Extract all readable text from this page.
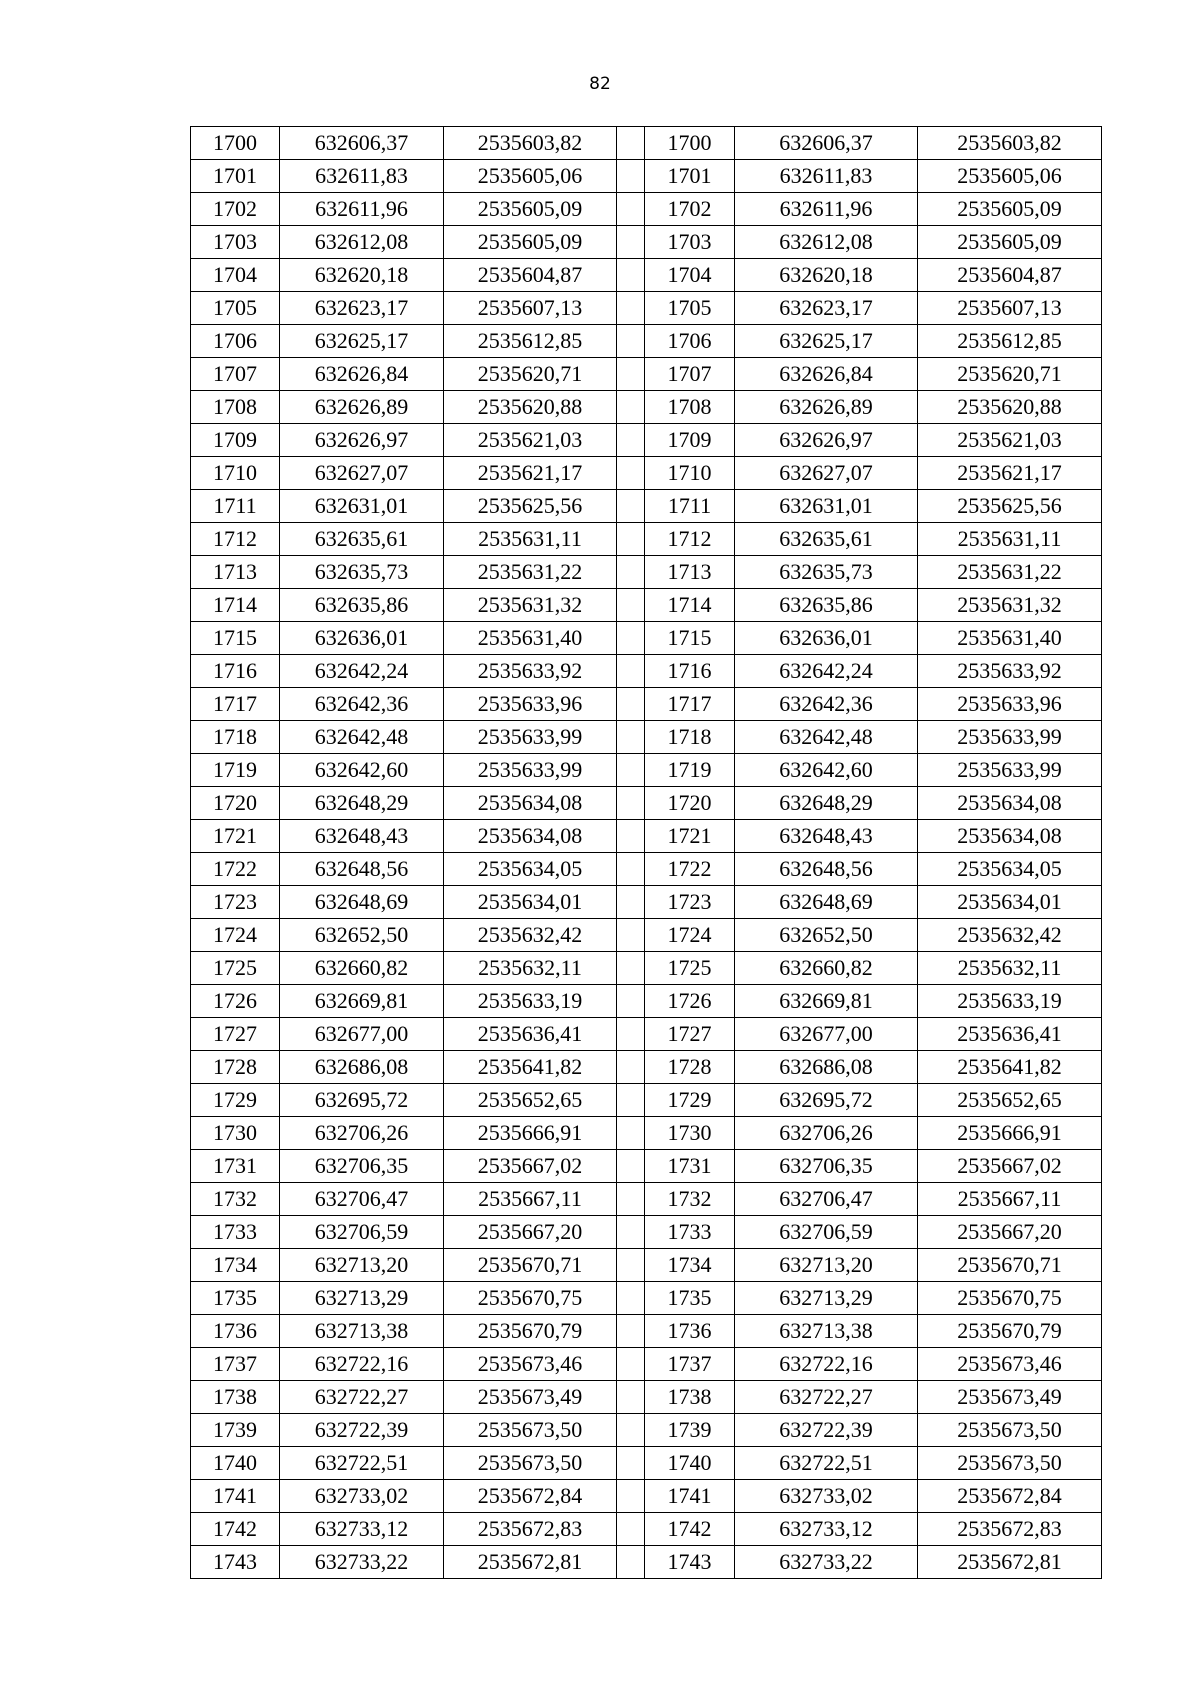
82
1700	632606,37	2535603,82		1700	632606,37	2535603,82
1701	632611,83	2535605,06		1701	632611,83	2535605,06
1702	632611,96	2535605,09		1702	632611,96	2535605,09
1703	632612,08	2535605,09		1703	632612,08	2535605,09
1704	632620,18	2535604,87		1704	632620,18	2535604,87
1705	632623,17	2535607,13		1705	632623,17	2535607,13
1706	632625,17	2535612,85		1706	632625,17	2535612,85
1707	632626,84	2535620,71		1707	632626,84	2535620,71
1708	632626,89	2535620,88		1708	632626,89	2535620,88
1709	632626,97	2535621,03		1709	632626,97	2535621,03
1710	632627,07	2535621,17		1710	632627,07	2535621,17
1711	632631,01	2535625,56		1711	632631,01	2535625,56
1712	632635,61	2535631,11		1712	632635,61	2535631,11
1713	632635,73	2535631,22		1713	632635,73	2535631,22
1714	632635,86	2535631,32		1714	632635,86	2535631,32
1715	632636,01	2535631,40		1715	632636,01	2535631,40
1716	632642,24	2535633,92		1716	632642,24	2535633,92
1717	632642,36	2535633,96		1717	632642,36	2535633,96
1718	632642,48	2535633,99		1718	632642,48	2535633,99
1719	632642,60	2535633,99		1719	632642,60	2535633,99
1720	632648,29	2535634,08		1720	632648,29	2535634,08
1721	632648,43	2535634,08		1721	632648,43	2535634,08
1722	632648,56	2535634,05		1722	632648,56	2535634,05
1723	632648,69	2535634,01		1723	632648,69	2535634,01
1724	632652,50	2535632,42		1724	632652,50	2535632,42
1725	632660,82	2535632,11		1725	632660,82	2535632,11
1726	632669,81	2535633,19		1726	632669,81	2535633,19
1727	632677,00	2535636,41		1727	632677,00	2535636,41
1728	632686,08	2535641,82		1728	632686,08	2535641,82
1729	632695,72	2535652,65		1729	632695,72	2535652,65
1730	632706,26	2535666,91		1730	632706,26	2535666,91
1731	632706,35	2535667,02		1731	632706,35	2535667,02
1732	632706,47	2535667,11		1732	632706,47	2535667,11
1733	632706,59	2535667,20		1733	632706,59	2535667,20
1734	632713,20	2535670,71		1734	632713,20	2535670,71
1735	632713,29	2535670,75		1735	632713,29	2535670,75
1736	632713,38	2535670,79		1736	632713,38	2535670,79
1737	632722,16	2535673,46		1737	632722,16	2535673,46
1738	632722,27	2535673,49		1738	632722,27	2535673,49
1739	632722,39	2535673,50		1739	632722,39	2535673,50
1740	632722,51	2535673,50		1740	632722,51	2535673,50
1741	632733,02	2535672,84		1741	632733,02	2535672,84
1742	632733,12	2535672,83		1742	632733,12	2535672,83
1743	632733,22	2535672,81		1743	632733,22	2535672,81
